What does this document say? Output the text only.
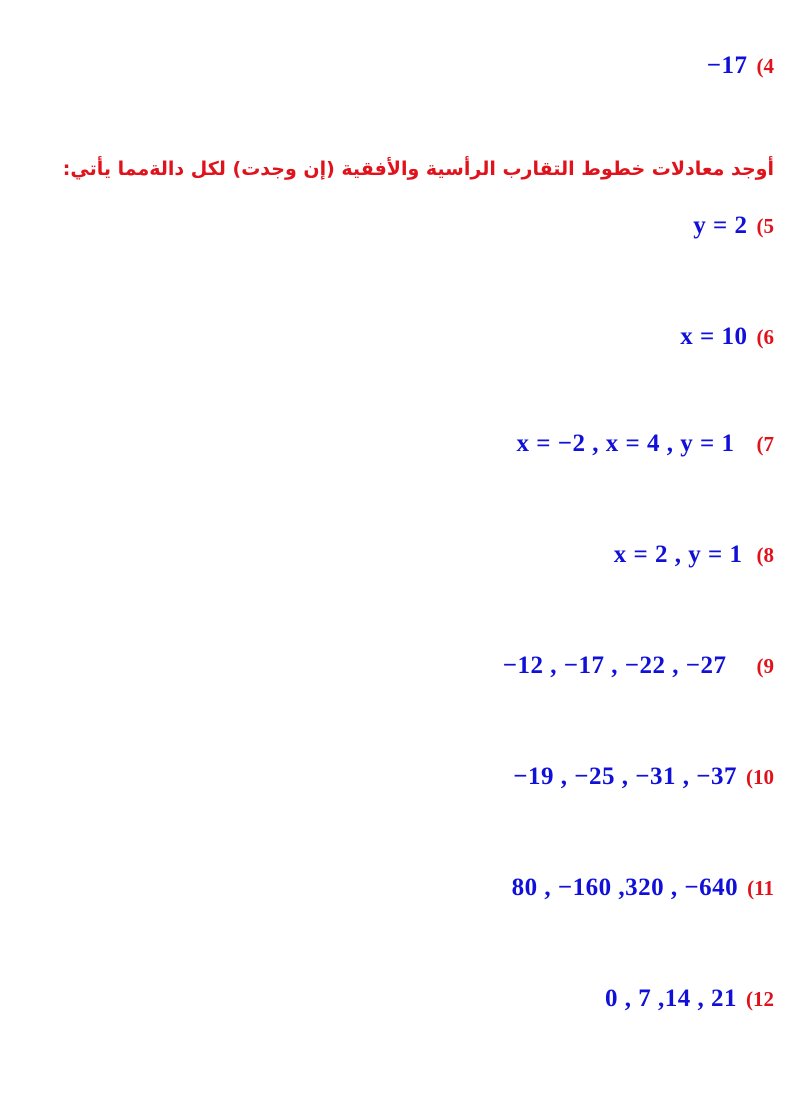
−17 (4
أوجد معادلات خطوط التقارب الرأسية والأفقية (إن وجدت) لكل دالةمما يأتي:
y = 2 (5
x = 10 (6
x = −2 , x = 4 , y = 1 (7
x = 2 , y = 1 (8
−12 , −17 , −22 , −27 (9
−19 , −25 , −31 , −37 (10
80 , −160 ,320 , −640 (11
0 , 7 ,14 , 21 (12
